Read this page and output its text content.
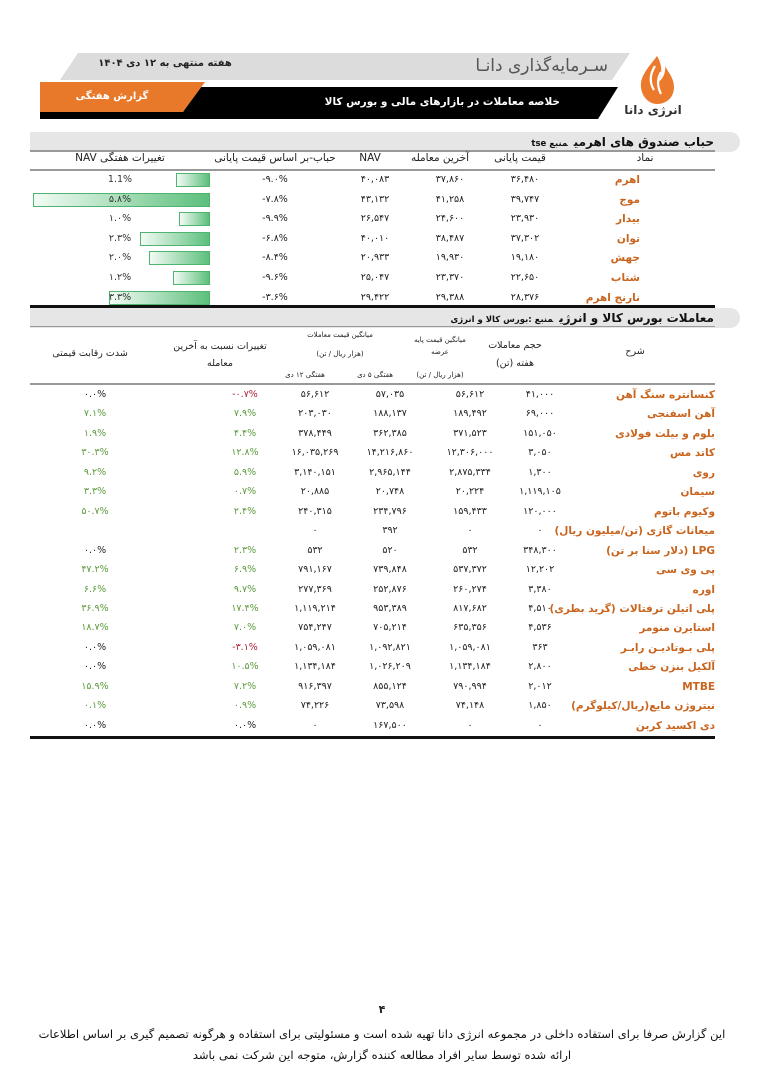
سـرمایه‌گذاری دانـا
هفته منتهی به ۱۲ دی ۱۴۰۴
گزارش هفتگی	خلاصه معاملات در بازارهای مالی و بورس کالا
انرژی دانا
حباب صندوق های اهرمیمنبع tse
نماد
قیمت پایانی
آخرین معامله
NAV
حباب-بر اساس قیمت پایانی
تغییرات هفتگی NAV
اهرم
۳۶,۴۸۰
۳۷,۸۶۰
۴۰,۰۸۳
-۹.۰%
1.1%
موج
۳۹,۷۴۷
۴۱,۲۵۸
۴۳,۱۳۲
-۷.۸%
۵.۸%
بیدار
۲۳,۹۳۰
۲۴,۶۰۰
۲۶,۵۴۷
-۹.۹%
۱.۰%
توان
۳۷,۳۰۲
۳۸,۴۸۷
۴۰,۰۱۰
-۶.۸%
۲.۳%
جهش
۱۹,۱۸۰
۱۹,۹۳۰
۲۰,۹۳۳
-۸.۴%
۲.۰%
شتاب
۲۲,۶۵۰
۲۳,۳۷۰
۲۵,۰۴۷
-۹.۶%
۱.۲%
نارنج اهرم
۲۸,۳۷۶
۲۹,۳۸۸
۲۹,۴۲۲
-۳.۶%
۳.۳%
معاملات بورس کالا و انرژیمنبع :بورس کالا و انرژی
شرح
حجم معاملات
هفته (تن)
میانگین قیمت پایه
عرضه
(هزار ریال / تن)
میانگین قیمت معاملات
(هزار ریال / تن)
هفتگی ۵ دی
هفتگی ۱۲ دی
تغییرات نسبت به آخرین
معامله
شدت رقابت قیمتی
کنسانتره سنگ آهن
۴۱,۰۰۰
۵۶,۶۱۲
۵۷,۰۳۵
۵۶,۶۱۲
-۰.۷%
۰.۰%
آهن اسفنجی
۶۹,۰۰۰
۱۸۹,۴۹۲
۱۸۸,۱۳۷
۲۰۳,۰۳۰
۷.۹%
۷.۱%
بلوم و بیلت فولادی
۱۵۱,۰۵۰
۳۷۱,۵۲۳
۳۶۲,۳۸۵
۳۷۸,۴۴۹
۴.۴%
۱.۹%
کاتد مس
۳,۰۵۰
۱۲,۳۰۶,۰۰۰
۱۴,۲۱۶,۸۶۰
۱۶,۰۳۵,۲۶۹
۱۲.۸%
۳۰.۳%
روی
۱,۳۰۰
۲,۸۷۵,۳۳۴
۲,۹۶۵,۱۴۴
۳,۱۴۰,۱۵۱
۵.۹%
۹.۲%
سیمان
۱,۱۱۹,۱۰۵
۲۰,۲۲۴
۲۰,۷۴۸
۲۰,۸۸۵
۰.۷%
۳.۳%
وکیوم باتوم
۱۲۰,۰۰۰
۱۵۹,۴۳۳
۲۳۴,۷۹۶
۲۴۰,۳۱۵
۲.۴%
۵۰.۷%
میعانات گازی (تن/میلیون ریال)
۰
۰
۳۹۲
۰
LPG (دلار سنا بر تن)
۳۴۸,۳۰۰
۵۳۲
۵۲۰
۵۳۲
۲.۳%
۰.۰%
پی وی سی
۱۲,۲۰۲
۵۳۷,۳۷۲
۷۳۹,۸۴۸
۷۹۱,۱۶۷
۶.۹%
۴۷.۲%
اوره
۳,۳۸۰
۲۶۰,۲۷۴
۲۵۲,۸۷۶
۲۷۷,۳۶۹
۹.۷%
۶.۶%
پلی اتیلن ترفتالات (گرید بطری)
۴,۵۱۰
۸۱۷,۶۸۲
۹۵۳,۳۸۹
۱,۱۱۹,۲۱۴
۱۷.۴%
۳۶.۹%
استایرن منومر
۴,۵۳۶
۶۳۵,۳۵۶
۷۰۵,۲۱۴
۷۵۴,۲۴۷
۷.۰%
۱۸.۷%
پلی بـوتادیـن رابـر
۳۶۳
۱,۰۵۹,۰۸۱
۱,۰۹۲,۸۲۱
۱,۰۵۹,۰۸۱
-۳.۱%
۰.۰%
آلکیل بنزن خطی
۲,۸۰۰
۱,۱۳۴,۱۸۴
۱,۰۲۶,۲۰۹
۱,۱۳۴,۱۸۴
۱۰.۵%
۰.۰%
MTBE
۲,۰۱۲
۷۹۰,۹۹۴
۸۵۵,۱۲۴
۹۱۶,۳۹۷
۷.۲%
۱۵.۹%
نیتروژن مایع(ریال/کیلوگرم)
۱,۸۵۰
۷۴,۱۴۸
۷۳,۵۹۸
۷۴,۲۲۶
۰.۹%
۰.۱%
دی اکسید کربن
۰
۰
۱۶۷,۵۰۰
۰
۰.۰%
۰.۰%
۴
این گزارش صرفا برای استفاده داخلی در مجموعه انرژی دانا تهیه شده است و مسئولیتی برای استفاده و هرگونه تصمیم گیری بر اساس اطلاعات
ارائه شده توسط سایر افراد مطالعه کننده گزارش، متوجه این شرکت نمی باشد
